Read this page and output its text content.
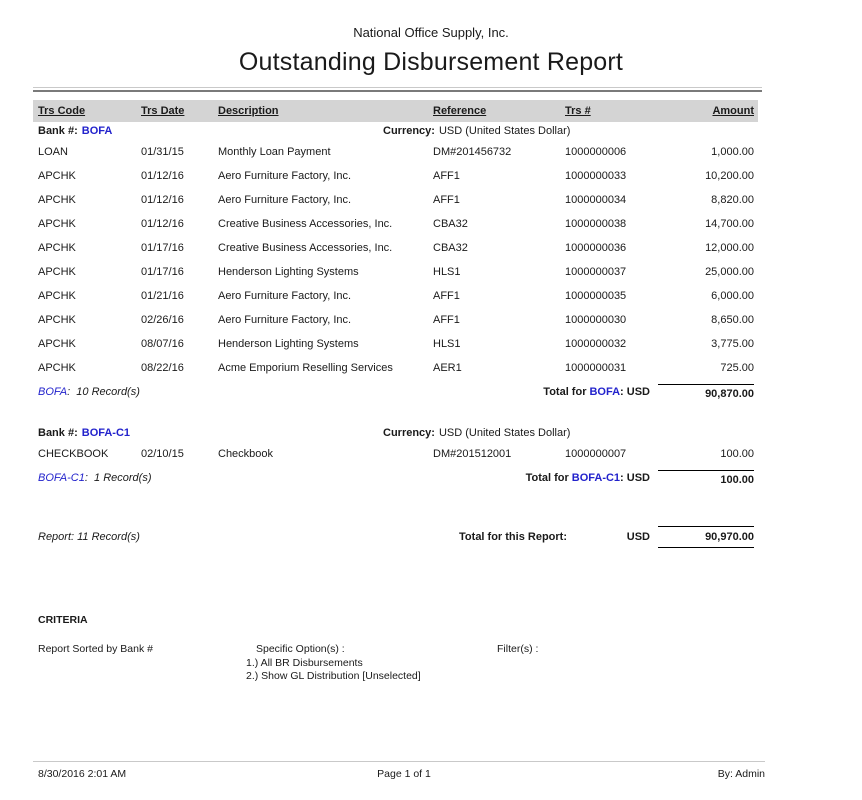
National Office Supply, Inc.
Outstanding Disbursement Report
Trs Code	Trs Date	Description	Reference	Trs #	Amount
Bank #: BOFA	Currency: USD (United States Dollar)
LOAN	01/31/15	Monthly Loan Payment	DM#201456732	1000000006	1,000.00
APCHK	01/12/16	Aero Furniture Factory, Inc.	AFF1	1000000033	10,200.00
APCHK	01/12/16	Aero Furniture Factory, Inc.	AFF1	1000000034	8,820.00
APCHK	01/12/16	Creative Business Accessories, Inc.	CBA32	1000000038	14,700.00
APCHK	01/17/16	Creative Business Accessories, Inc.	CBA32	1000000036	12,000.00
APCHK	01/17/16	Henderson Lighting Systems	HLS1	1000000037	25,000.00
APCHK	01/21/16	Aero Furniture Factory, Inc.	AFF1	1000000035	6,000.00
APCHK	02/26/16	Aero Furniture Factory, Inc.	AFF1	1000000030	8,650.00
APCHK	08/07/16	Henderson Lighting Systems	HLS1	1000000032	3,775.00
APCHK	08/22/16	Acme Emporium Reselling Services	AER1	1000000031	725.00
BOFA:  10 Record(s)	Total for BOFA: USD	90,870.00
Bank #: BOFA-C1	Currency: USD (United States Dollar)
CHECKBOOK	02/10/15	Checkbook	DM#201512001	1000000007	100.00
BOFA-C1:  1 Record(s)	Total for BOFA-C1: USD	100.00
Report: 11 Record(s)	Total for this Report:	USD	90,970.00
CRITERIA
Report Sorted by Bank #	Specific Option(s) :
1.) All BR Disbursements
2.) Show GL Distribution [Unselected]
Filter(s) :
8/30/2016 2:01 AM	Page 1 of 1	By: Admin
